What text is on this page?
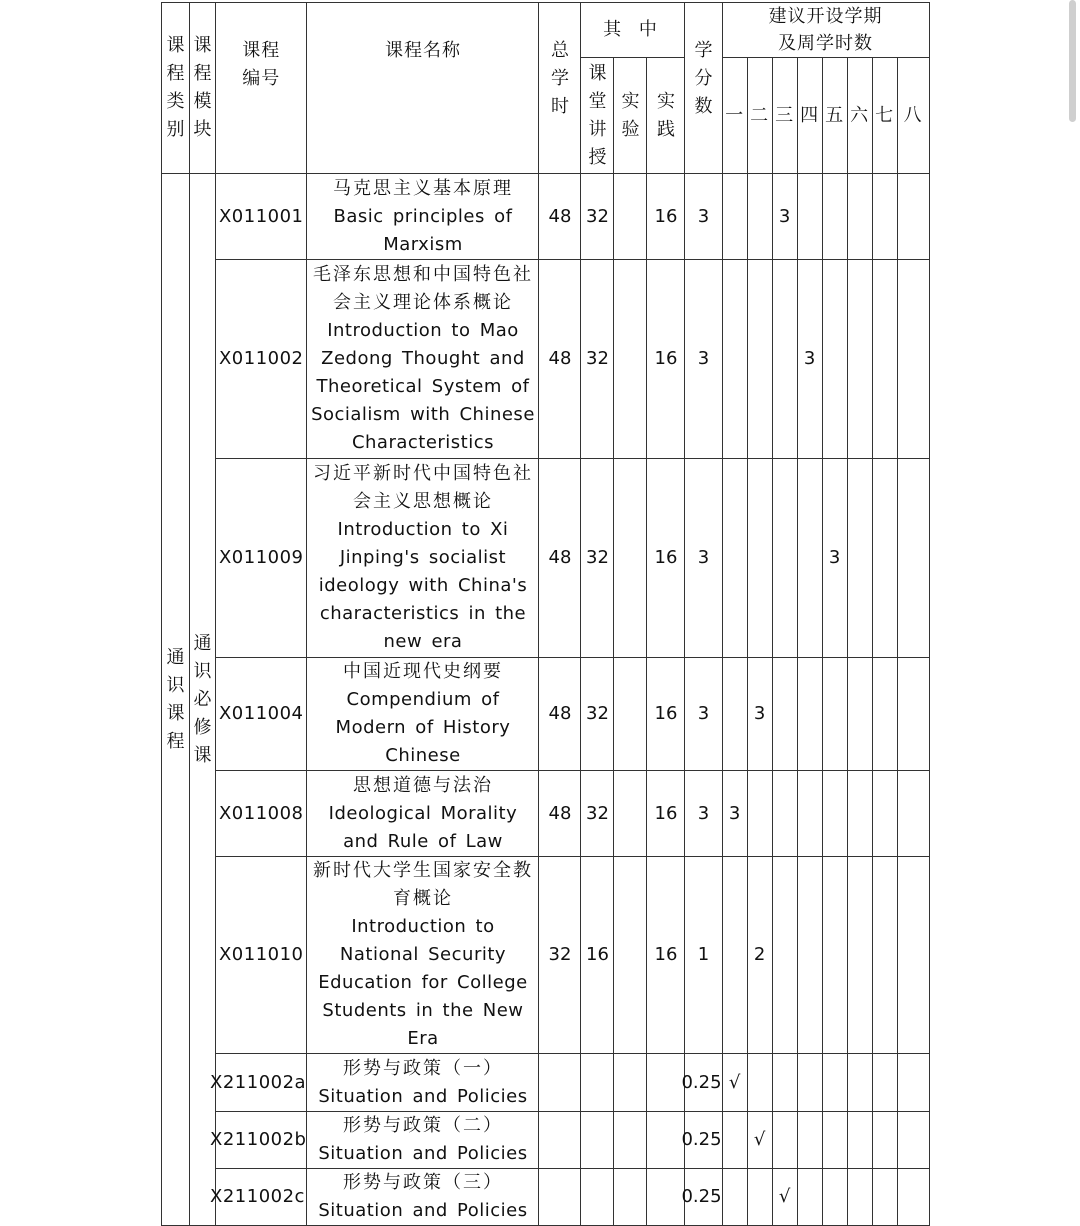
课程类别	课程模块	课程编号	课程名称	总学时	其 中			学分数	建议开设学期
及周学时数							

					课堂讲授	实验	实践		一	二	三	四	五	六	七	八

通识课程	通识必修课	X011001	马克思主义基本原理
Basic principles of Marxism	48	32		16	3			3					
		X011002	毛泽东思想和中国特色社会主义理论体系概论
Introduction to Mao Zedong Thought and Theoretical System of Socialism with Chinese Characteristics	48	32		16	3				3				
		X011009	习近平新时代中国特色社会主义思想概论
Introduction to Xi Jinping's socialist ideology with China's characteristics in the new era	48	32		16	3					3			
		X011004	中国近现代史纲要
Compendium of Modern of History Chinese	48	32		16	3		3						
		X011008	思想道德与法治
Ideological Morality and Rule of Law	48	32		16	3	3							
		X011010	新时代大学生国家安全教育概论
Introduction to National Security Education for College Students in the New Era	32	16		16	1		2						
		X211002a	形势与政策（一）
Situation and Policies					0.25	√							
		X211002b	形势与政策（二）
Situation and Policies					0.25		√						
		X211002c	形势与政策（三）
Situation and Policies					0.25			√					
